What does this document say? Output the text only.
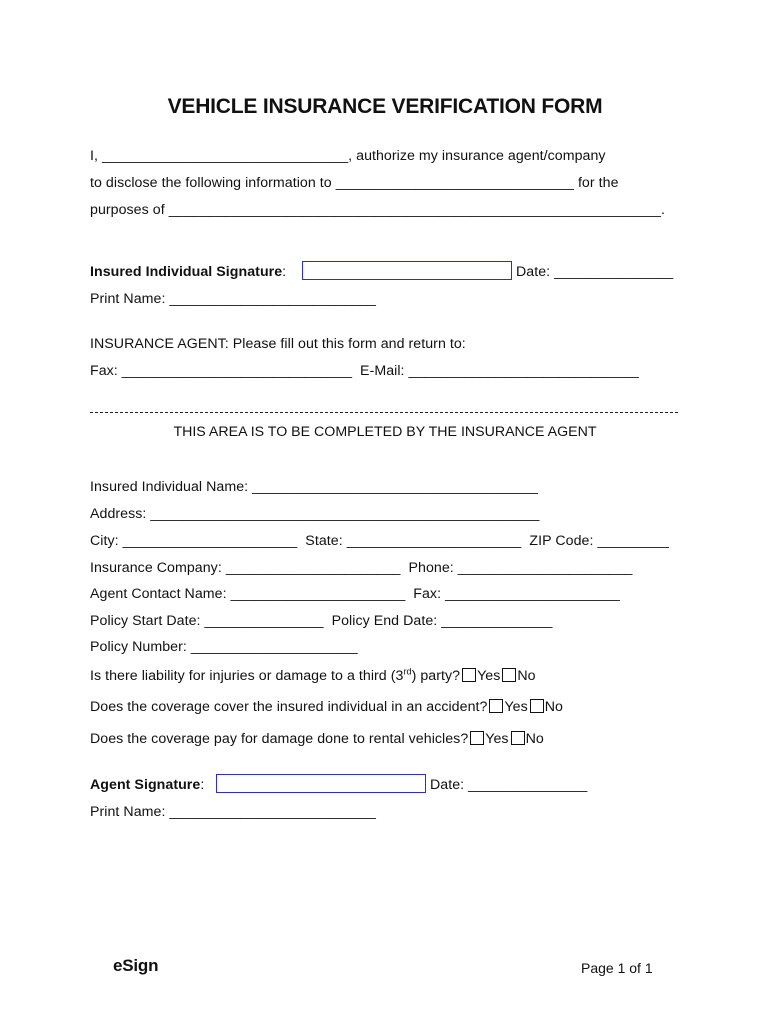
VEHICLE INSURANCE VERIFICATION FORM
I, _______________________________, authorize my insurance agent/company
to disclose the following information to ______________________________ for the
purposes of ______________________________________________________________.
Insured Individual Signature:	Date: _______________
Print Name: __________________________
INSURANCE AGENT: Please fill out this form and return to:
Fax: _____________________________  E-Mail: _____________________________
THIS AREA IS TO BE COMPLETED BY THE INSURANCE AGENT
Insured Individual Name: ____________________________________
Address: _________________________________________________
City: ______________________  State: ______________________  ZIP Code: _________
Insurance Company: ______________________  Phone: ______________________
Agent Contact Name: ______________________  Fax: ______________________
Policy Start Date: _______________  Policy End Date: ______________
Policy Number: _____________________
Is there liability for injuries or damage to a third (3rd) party? Yes No
Does the coverage cover the insured individual in an accident? Yes No
Does the coverage pay for damage done to rental vehicles? Yes No
Agent Signature:	Date: _______________
Print Name: __________________________
eSign	Page 1 of 1
